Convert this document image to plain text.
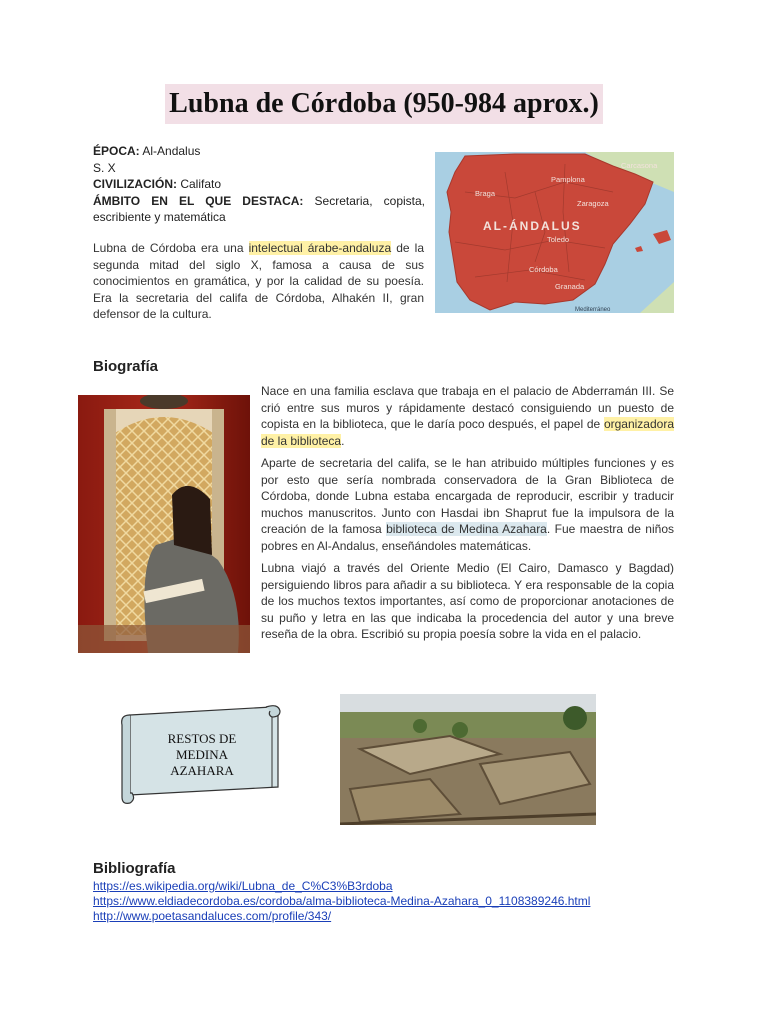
Lubna de Córdoba (950-984 aprox.)
ÉPOCA: Al-Andalus
S. X
CIVILIZACIÓN: Califato
ÁMBITO EN EL QUE DESTACA: Secretaria, copista, escribiente y matemática
Lubna de Córdoba era una intelectual árabe-andaluza de la segunda mitad del siglo X, famosa a causa de sus conocimientos en gramática, y por la calidad de su poesía. Era la secretaria del califa de Córdoba, Alhakén II, gran defensor de la cultura.
AL-ÁNDALUS
Carcasona
Pamplona
Braga
Zaragoza
Toledo
Córdoba
Granada
Mediterráneo
Biografía

Nace en una familia esclava que trabaja en el palacio de Abderramán III. Se crió entre sus muros y rápidamente destacó consiguiendo un puesto de copista en la biblioteca, que le daría poco después, el papel de organizadora de la biblioteca.

Aparte de secretaria del califa, se le han atribuido múltiples funciones y es por esto que sería nombrada conservadora de la Gran Biblioteca de Córdoba, donde Lubna estaba encargada de reproducir, escribir y traducir muchos manuscritos. Junto con Hasdai ibn Shaprut fue la impulsora de la creación de la famosa biblioteca de Medina Azahara. Fue maestra de niños pobres en Al-Andalus, enseñándoles matemáticas.

Lubna viajó a través del Oriente Medio (El Cairo, Damasco y Bagdad) persiguiendo libros para añadir a su biblioteca. Y era responsable de la copia de los muchos textos importantes, así como de proporcionar anotaciones de su puño y letra en las que indicaba la procedencia del autor y una breve reseña de la obra. Escribió su propia poesía sobre la vida en el palacio.

RESTOS DE
MEDINA
AZAHARA
Bibliografía
https://es.wikipedia.org/wiki/Lubna_de_C%C3%B3rdoba
https://www.eldiadecordoba.es/cordoba/alma-biblioteca-Medina-Azahara_0_1108389246.html
http://www.poetasandaluces.com/profile/343/
